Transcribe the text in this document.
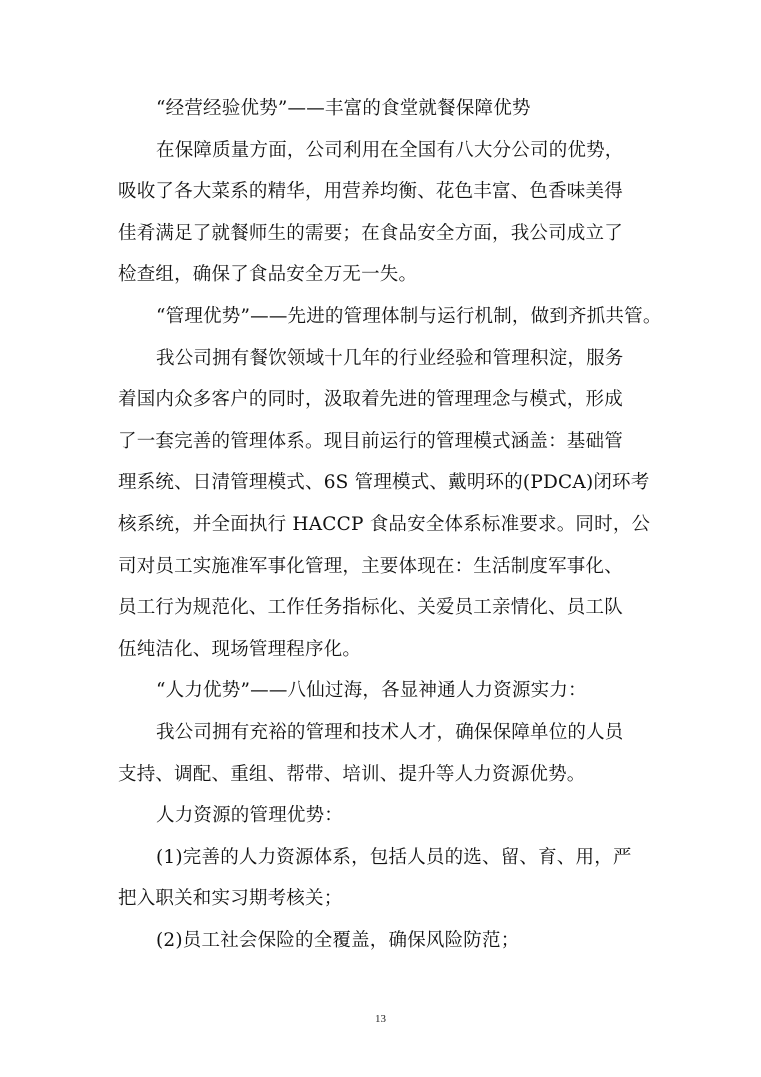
“经营经验优势”——丰富的食堂就餐保障优势
在保障质量方面，公司利用在全国有八大分公司的优势，
吸收了各大菜系的精华，用营养均衡、花色丰富、色香味美得
佳肴满足了就餐师生的需要；在食品安全方面，我公司成立了
检查组，确保了食品安全万无一失。
“管理优势”——先进的管理体制与运行机制，做到齐抓共管。
我公司拥有餐饮领域十几年的行业经验和管理积淀，服务
着国内众多客户的同时，汲取着先进的管理理念与模式，形成
了一套完善的管理体系。现目前运行的管理模式涵盖：基础管
理系统、日清管理模式、6S 管理模式、戴明环的(PDCA)闭环考
核系统，并全面执行 HACCP 食品安全体系标准要求。同时，公
司对员工实施准军事化管理，主要体现在：生活制度军事化、
员工行为规范化、工作任务指标化、关爱员工亲情化、员工队
伍纯洁化、现场管理程序化。
“人力优势”——八仙过海，各显神通人力资源实力：
我公司拥有充裕的管理和技术人才，确保保障单位的人员
支持、调配、重组、帮带、培训、提升等人力资源优势。
人力资源的管理优势：
(1)完善的人力资源体系，包括人员的选、留、育、用，严
把入职关和实习期考核关；
(2)员工社会保险的全覆盖，确保风险防范；
13
